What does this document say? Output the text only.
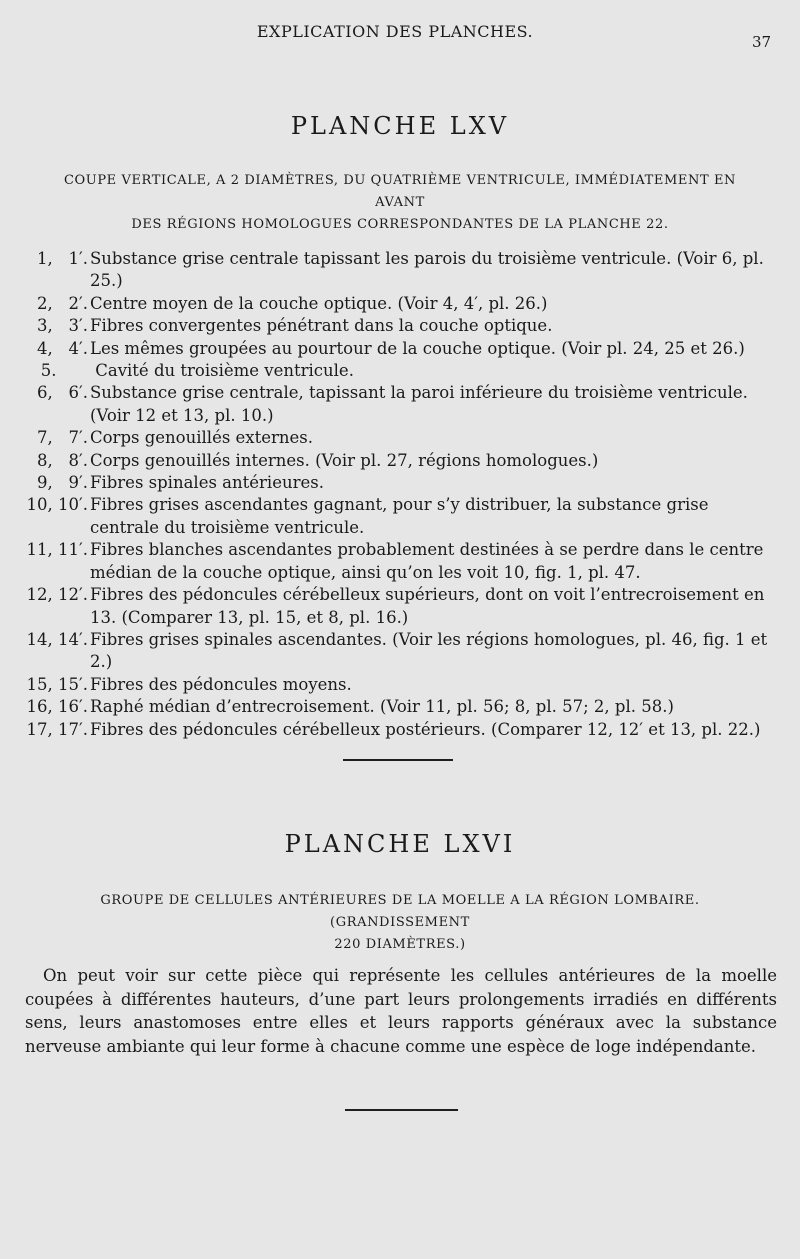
EXPLICATION DES PLANCHES.
37
PLANCHE LXV
COUPE VERTICALE, A 2 DIAMÈTRES, DU QUATRIÈME VENTRICULE, IMMÉDIATEMENT EN AVANT
DES RÉGIONS HOMOLOGUES CORRESPONDANTES DE LA PLANCHE 22.
1,   1′. Substance grise centrale tapissant les parois du troisième ventricule. (Voir 6, pl. 25.)
2,   2′. Centre moyen de la couche optique. (Voir 4, 4′, pl. 26.)
3,   3′. Fibres convergentes pénétrant dans la couche optique.
4,   4′. Les mêmes groupées au pourtour de la couche optique. (Voir pl. 24, 25 et 26.)
5. Cavité du troisième ventricule.
6,   6′. Substance grise centrale, tapissant la paroi inférieure du troisième ventricule. (Voir 12 et 13, pl. 10.)
7,   7′. Corps genouillés externes.
8,   8′. Corps genouillés internes. (Voir pl. 27, régions homologues.)
9,   9′. Fibres spinales antérieures.
10, 10′. Fibres grises ascendantes gagnant, pour s’y distribuer, la substance grise centrale du troisième ventricule.
11, 11′. Fibres blanches ascendantes probablement destinées à se perdre dans le centre médian de la couche optique, ainsi qu’on les voit 10, fig. 1, pl. 47.
12, 12′. Fibres des pédoncules cérébelleux supérieurs, dont on voit l’entrecroisement en 13. (Comparer 13, pl. 15, et 8, pl. 16.)
14, 14′. Fibres grises spinales ascendantes. (Voir les régions homologues, pl. 46, fig. 1 et 2.)
15, 15′. Fibres des pédoncules moyens.
16, 16′. Raphé médian d’entrecroisement. (Voir 11, pl. 56; 8, pl. 57; 2, pl. 58.)
17, 17′. Fibres des pédoncules cérébelleux postérieurs. (Comparer 12, 12′ et 13, pl. 22.)
PLANCHE LXVI
GROUPE DE CELLULES ANTÉRIEURES DE LA MOELLE A LA RÉGION LOMBAIRE. (GRANDISSEMENT
220 DIAMÈTRES.)
On peut voir sur cette pièce qui représente les cellules antérieures de la moelle coupées à différentes hauteurs, d’une part leurs prolongements irradiés en différents sens, leurs anastomoses entre elles et leurs rapports généraux avec la substance nerveuse ambiante qui leur forme à chacune comme une espèce de loge indépendante.
